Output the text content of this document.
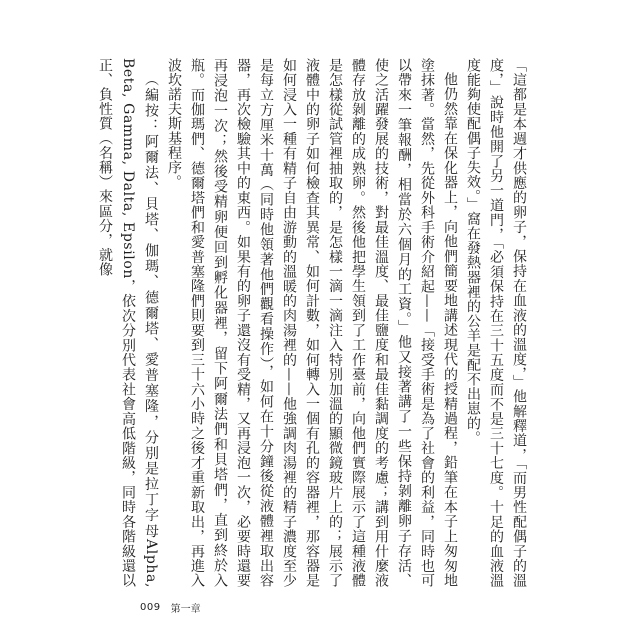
「這都是本週才供應的卵子，保持在血液的溫度，」他解釋道，「而男性配偶子的溫度，」說時他開了另一道門，「必須保持在三十五度而不是三十七度。十足的血液溫度能夠使配偶子失效。」窩在發熱器裡的公羊是配不出崽的。

他仍然靠在保化器上，向他們簡要地講述現代的授精過程，鉛筆在本子上匆匆地塗抹著。當然，先從外科手術介紹起——「接受手術是為了社會的利益，同時也可以帶來一筆報酬，相當於六個月的工資。」他又接著講了一些保持剝離卵子存活、使之活躍發展的技術，對最佳溫度、最佳鹽度和最佳黏調度的考慮；講到用什麼液體存放剝離的成熟卵。然後他把學生領到了工作臺前，向他們實際展示了這種液體是怎樣從試管裡抽取的，是怎樣一滴一滴注入特別加溫的顯微鏡玻片上的；展示了液體中的卵子如何檢查其異常、如何計數，如何轉入一個有孔的容器裡，那容器是如何浸入一種有精子自由游動的溫暖的肉湯裡的——他強調肉湯裡的精子濃度至少是每立方厘米十萬（同時他領著他們觀看操作），如何在十分鐘後從液體裡取出容器，再次檢驗其中的東西。如果有的卵子還沒有受精，又再浸泡一次，必要時還要再浸泡一次；然後受精卵便回到孵化器裡，留下阿爾法們和貝塔們，直到終於入瓶。而伽瑪們、德爾塔們和愛普塞隆們則要到三十六小時之後才重新取出，再進入波坎諾夫斯基程序。

（編按：阿爾法、貝塔、伽瑪、德爾塔、愛普塞隆，分別是拉丁字母Alpha, Beta, Gamma, Dalta, Epsilon，依次分別代表社會高低階級，同時各階級還以正、負性質（名稱）來區分，就像

009 第一章
